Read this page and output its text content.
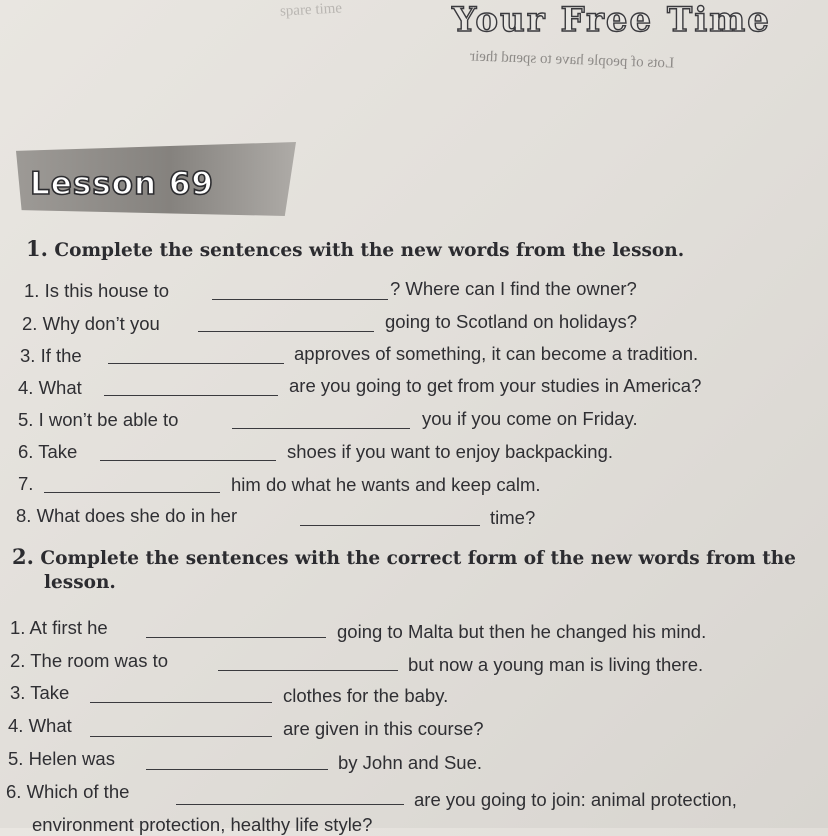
spare time	Your Free Time
Lots of people have to spend their
Lesson 69
1. Complete the sentences with the new words from the lesson.
1. Is this house to	? Where can I find the owner?
2. Why don’t you	going to Scotland on holidays?
3. If the	approves of something, it can become a tradition.
4. What	are you going to get from your studies in America?
5. I won’t be able to	you if you come on Friday.
6. Take	shoes if you want to enjoy backpacking.
7.	him do what he wants and keep calm.
8. What does she do in her	time?
2. Complete the sentences with the correct form of the new words from the
lesson.
1. At first he	going to Malta but then he changed his mind.
2. The room was to	but now a young man is living there.
3. Take	clothes for the baby.
4. What	are given in this course?
5. Helen was	by John and Sue.
6. Which of the	are you going to join: animal protection,
environment protection, healthy life style?
